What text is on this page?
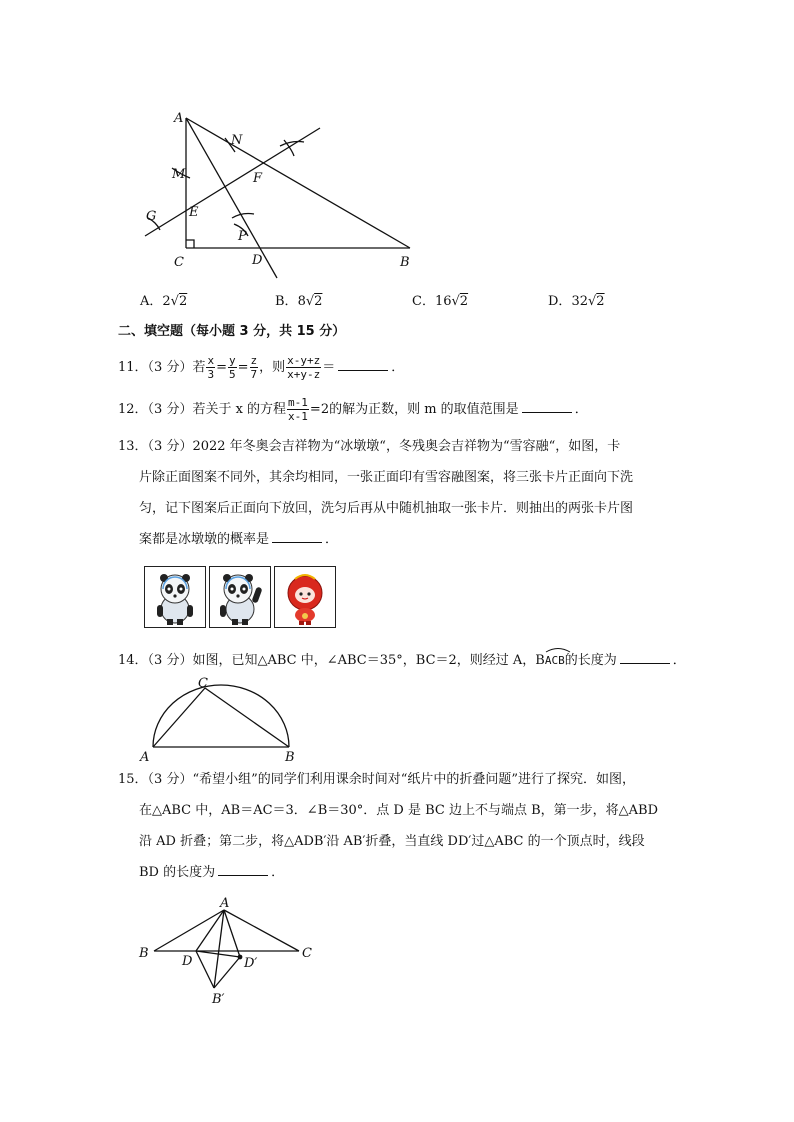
A
N
M	F
G	E
P
C	D	B
A．2√2	B．8√2	C．16√2	D．32√2
二、填空题（每小题 3 分，共 15 分）
11．（3 分）若 $\frac{x}{3} = \frac{y}{5} = \frac{z}{7}$ ，则 $\frac{x-y+z}{x+y-z}$ ＝	．
12．（3 分）若关于 x 的方程 $\frac{m-1}{x-1} =2$的解为正数，则 m 的取值范围是	．
13．（3 分）2022 年冬奥会吉祥物为“冰墩墩“，冬残奥会吉祥物为“雪容融“，如图，卡
片除正面图案不同外，其余均相同，一张正面印有雪容融图案，将三张卡片正面向下洗
匀，记下图案后正面向下放回，洗匀后再从中随机抽取一张卡片．则抽出的两张卡片图
案都是冰墩墩的概率是	．
14．（3 分）如图，已知△ABC 中，∠ABC＝35°，BC＝2，则经过 A，B
ACB的长度为	．
C
A	B
15．（3 分）“希望小组”的同学们利用课余时间对“纸片中的折叠问题”进行了探究．如图，
在△ABC 中，AB＝AC＝3．∠B＝30°．点 D 是 BC 边上不与端点 B，第一步，将△ABD
沿 AD 折叠；第二步，将△ADB′沿 AB′折叠，当直线 DD′过△ABC 的一个顶点时，线段
BD 的长度为	．
A
B	C
D	D′
B′
